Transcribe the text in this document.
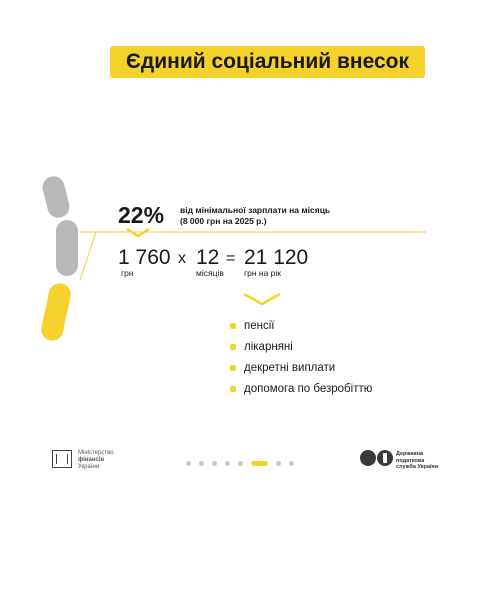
Єдиний соціальний внесок
22% від мінімальної зарплати на місяць
(8 000 грн на 2025 р.)
1 760
грн
x 12
місяців
= 21 120
грн на рік
пенсії
лікарняні
декретні виплати
допомога по безробіттю
Міністерство
фінансів
України
Державна
податкова
служба України
